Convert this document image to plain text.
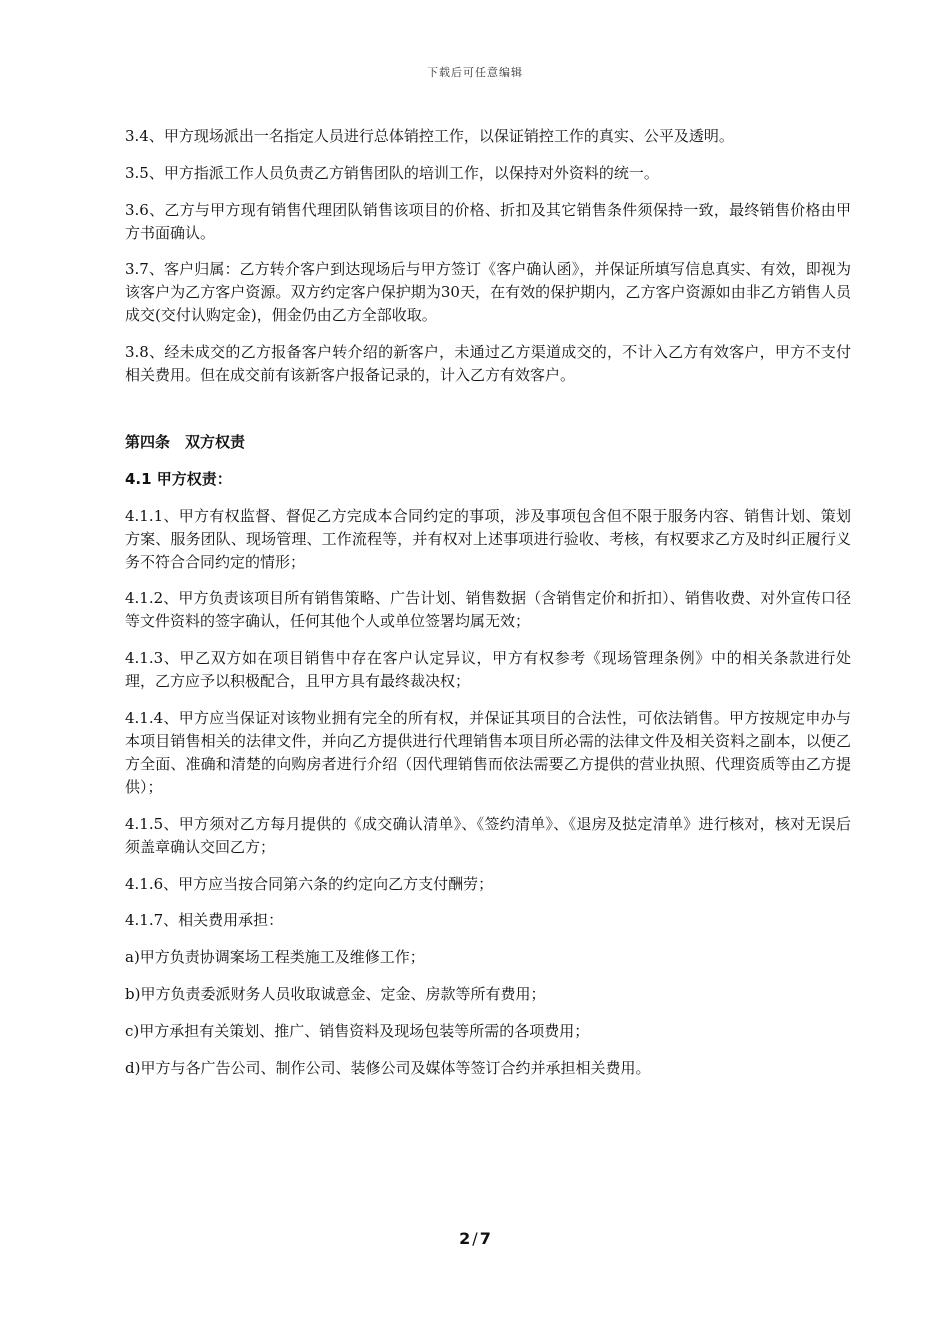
下载后可任意编辑
3.4、甲方现场派出一名指定人员进行总体销控工作，以保证销控工作的真实、公平及透明。
3.5、甲方指派工作人员负责乙方销售团队的培训工作，以保持对外资料的统一。
3.6、乙方与甲方现有销售代理团队销售该项目的价格、折扣及其它销售条件须保持一致，最终销售价格由甲方书面确认。
3.7、客户归属：乙方转介客户到达现场后与甲方签订《客户确认函》，并保证所填写信息真实、有效，即视为该客户为乙方客户资源。双方约定客户保护期为30天，在有效的保护期内，乙方客户资源如由非乙方销售人员成交(交付认购定金)，佣金仍由乙方全部收取。
3.8、经未成交的乙方报备客户转介绍的新客户，未通过乙方渠道成交的，不计入乙方有效客户，甲方不支付相关费用。但在成交前有该新客户报备记录的，计入乙方有效客户。
第四条　双方权责
4.1 甲方权责：
4.1.1、甲方有权监督、督促乙方完成本合同约定的事项，涉及事项包含但不限于服务内容、销售计划、策划方案、服务团队、现场管理、工作流程等，并有权对上述事项进行验收、考核，有权要求乙方及时纠正履行义务不符合合同约定的情形；
4.1.2、甲方负责该项目所有销售策略、广告计划、销售数据（含销售定价和折扣）、销售收费、对外宣传口径等文件资料的签字确认，任何其他个人或单位签署均属无效；
4.1.3、甲乙双方如在项目销售中存在客户认定异议，甲方有权参考《现场管理条例》中的相关条款进行处理，乙方应予以积极配合，且甲方具有最终裁决权；
4.1.4、甲方应当保证对该物业拥有完全的所有权，并保证其项目的合法性，可依法销售。甲方按规定申办与本项目销售相关的法律文件，并向乙方提供进行代理销售本项目所必需的法律文件及相关资料之副本，以便乙方全面、准确和清楚的向购房者进行介绍（因代理销售而依法需要乙方提供的营业执照、代理资质等由乙方提供）；
4.1.5、甲方须对乙方每月提供的《成交确认清单》、《签约清单》、《退房及挞定清单》进行核对，核对无误后须盖章确认交回乙方；
4.1.6、甲方应当按合同第六条的约定向乙方支付酬劳；
4.1.7、相关费用承担：
a)甲方负责协调案场工程类施工及维修工作；
b)甲方负责委派财务人员收取诚意金、定金、房款等所有费用；
c)甲方承担有关策划、推广、销售资料及现场包装等所需的各项费用；
d)甲方与各广告公司、制作公司、装修公司及媒体等签订合约并承担相关费用。
2 / 7
